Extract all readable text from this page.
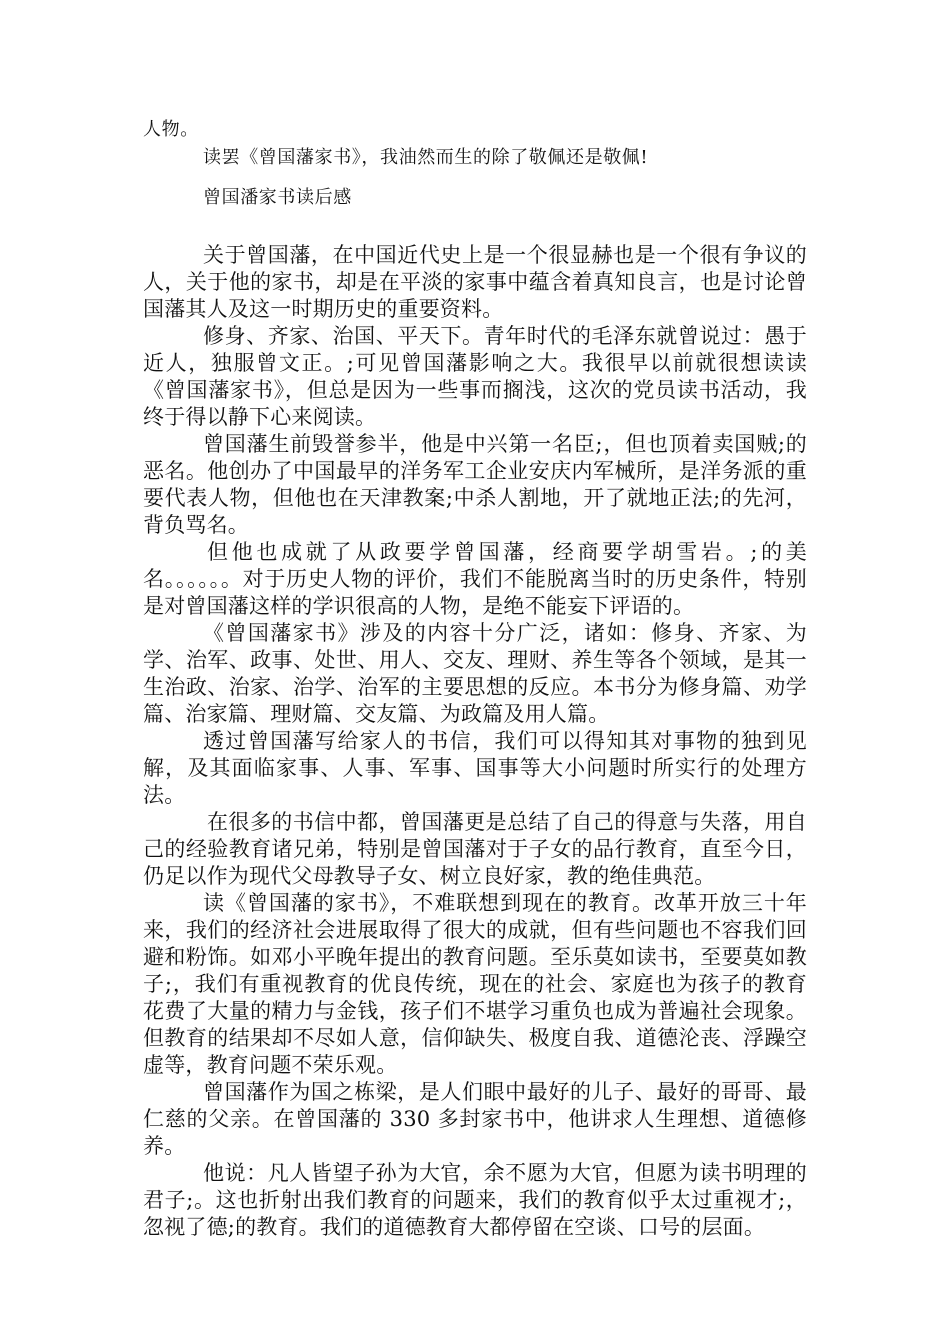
人物。

读罢《曾国藩家书》，我油然而生的除了敬佩还是敬佩!

曾国潘家书读后感

关于曾国藩，在中国近代史上是一个很显赫也是一个很有争议的人，关于他的家书，却是在平淡的家事中蕴含着真知良言，也是讨论曾国藩其人及这一时期历史的重要资料。

修身、齐家、治国、平天下。青年时代的毛泽东就曾说过：愚于近人，独服曾文正。;可见曾国藩影响之大。我很早以前就很想读读《曾国藩家书》，但总是因为一些事而搁浅，这次的党员读书活动，我终于得以静下心来阅读。

曾国藩生前毁誉参半，他是中兴第一名臣;，但也顶着卖国贼;的恶名。他创办了中国最早的洋务军工企业安庆内军械所，是洋务派的重要代表人物，但他也在天津教案;中杀人割地，开了就地正法;的先河，背负骂名。

但他也成就了从政要学曾国藩，经商要学胡雪岩。;的美名。。。。。。对于历史人物的评价，我们不能脱离当时的历史条件，特别是对曾国藩这样的学识很高的人物，是绝不能妄下评语的。

《曾国藩家书》涉及的内容十分广泛，诸如：修身、齐家、为学、治军、政事、处世、用人、交友、理财、养生等各个领域，是其一生治政、治家、治学、治军的主要思想的反应。本书分为修身篇、劝学篇、治家篇、理财篇、交友篇、为政篇及用人篇。

透过曾国藩写给家人的书信，我们可以得知其对事物的独到见解，及其面临家事、人事、军事、国事等大小问题时所实行的处理方法。

在很多的书信中都，曾国藩更是总结了自己的得意与失落，用自己的经验教育诸兄弟，特别是曾国藩对于子女的品行教育，直至今日，仍足以作为现代父母教导子女、树立良好家，教的绝佳典范。

读《曾国藩的家书》，不难联想到现在的教育。改革开放三十年来，我们的经济社会进展取得了很大的成就，但有些问题也不容我们回避和粉饰。如邓小平晚年提出的教育问题。至乐莫如读书，至要莫如教子;，我们有重视教育的优良传统，现在的社会、家庭也为孩子的教育花费了大量的精力与金钱，孩子们不堪学习重负也成为普遍社会现象。但教育的结果却不尽如人意，信仰缺失、极度自我、道德沦丧、浮躁空虚等，教育问题不荣乐观。

曾国藩作为国之栋梁，是人们眼中最好的儿子、最好的哥哥、最仁慈的父亲。在曾国藩的 330 多封家书中，他讲求人生理想、道德修养。

他说：凡人皆望子孙为大官，余不愿为大官，但愿为读书明理的君子;。这也折射出我们教育的问题来，我们的教育似乎太过重视才;，忽视了德;的教育。我们的道德教育大都停留在空谈、口号的层面。
